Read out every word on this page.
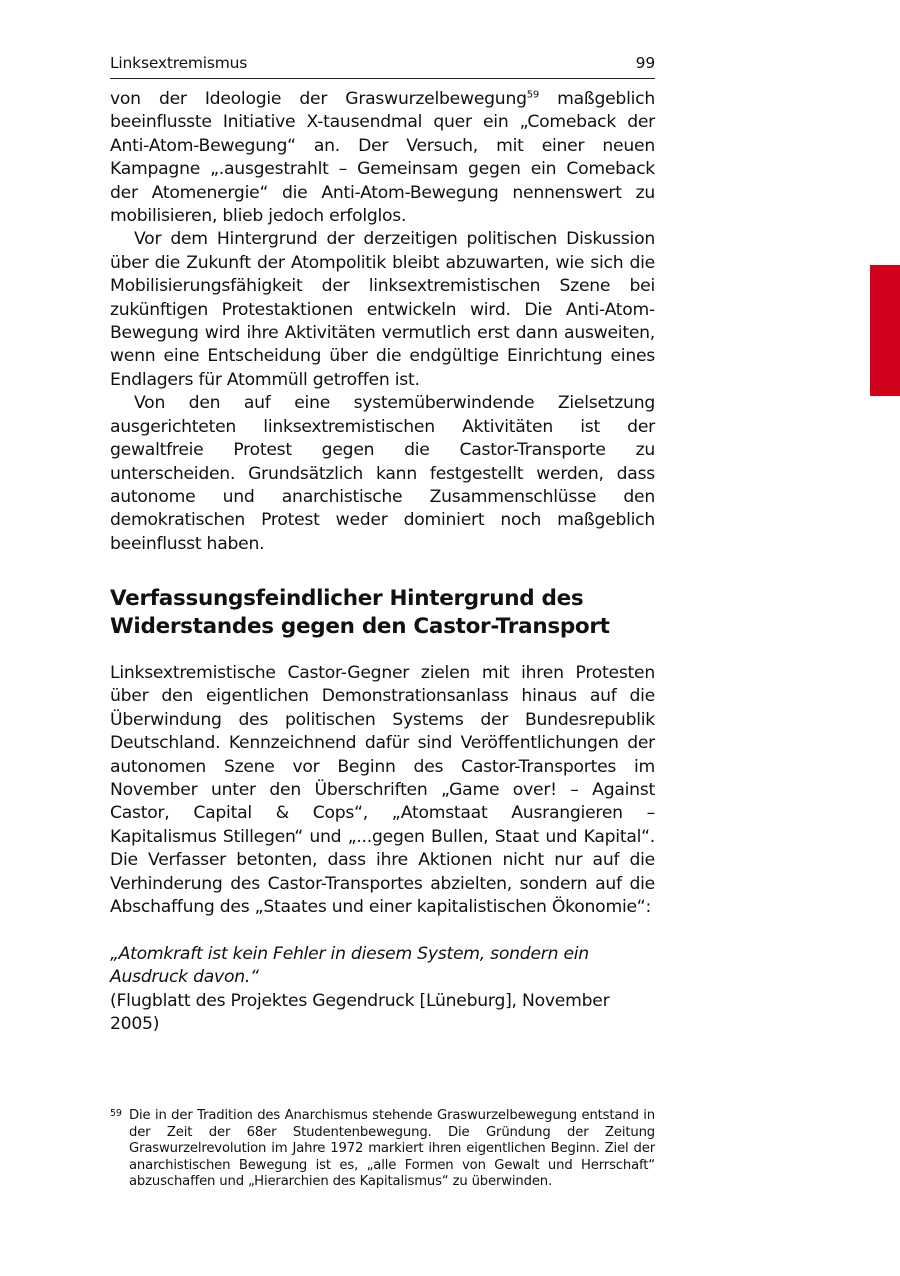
Linksextremismus	99

von der Ideologie der Graswurzelbewegung$^{59}$ maßgeblich beeinflusste Initiative X-tausendmal quer ein „Comeback der Anti-Atom-Bewegung“ an. Der Versuch, mit einer neuen Kampagne „.ausgestrahlt – Gemeinsam gegen ein Comeback der Atomenergie“ die Anti-Atom-Bewegung nennenswert zu mobilisieren, blieb jedoch erfolglos.

Vor dem Hintergrund der derzeitigen politischen Diskussion über die Zukunft der Atompolitik bleibt abzuwarten, wie sich die Mobilisierungsfähigkeit der linksextremistischen Szene bei zukünftigen Protestaktionen entwickeln wird. Die Anti-Atom-Bewegung wird ihre Aktivitäten vermutlich erst dann ausweiten, wenn eine Entscheidung über die endgültige Einrichtung eines Endlagers für Atommüll getroffen ist.

Von den auf eine systemüberwindende Zielsetzung ausgerichteten linksextremistischen Aktivitäten ist der gewaltfreie Protest gegen die Castor-Transporte zu unterscheiden. Grundsätzlich kann festgestellt werden, dass autonome und anarchistische Zusammenschlüsse den demokratischen Protest weder dominiert noch maßgeblich beeinflusst haben.

Verfassungsfeindlicher Hintergrund des
Widerstandes gegen den Castor-Transport

Linksextremistische Castor-Gegner zielen mit ihren Protesten über den eigentlichen Demonstrationsanlass hinaus auf die Überwindung des politischen Systems der Bundesrepublik Deutschland. Kennzeichnend dafür sind Veröffentlichungen der autonomen Szene vor Beginn des Castor-Transportes im November unter den Überschriften „Game over! – Against Castor, Capital & Cops“, „Atomstaat Ausrangieren – Kapitalismus Stillegen“ und „...gegen Bullen, Staat und Kapital“. Die Verfasser betonten, dass ihre Aktionen nicht nur auf die Verhinderung des Castor-Transportes abzielten, sondern auf die Abschaffung des „Staates und einer kapitalistischen Ökonomie“:

„Atomkraft ist kein Fehler in diesem System, sondern ein Ausdruck davon.“

(Flugblatt des Projektes Gegendruck [Lüneburg], November 2005)

59 Die in der Tradition des Anarchismus stehende Graswurzelbewegung entstand in der Zeit der 68er Studentenbewegung. Die Gründung der Zeitung Graswurzelrevolution im Jahre 1972 markiert ihren eigentlichen Beginn. Ziel der anarchistischen Bewegung ist es, „alle Formen von Gewalt und Herrschaft“ abzuschaffen und „Hierarchien des Kapitalismus“ zu überwinden.
